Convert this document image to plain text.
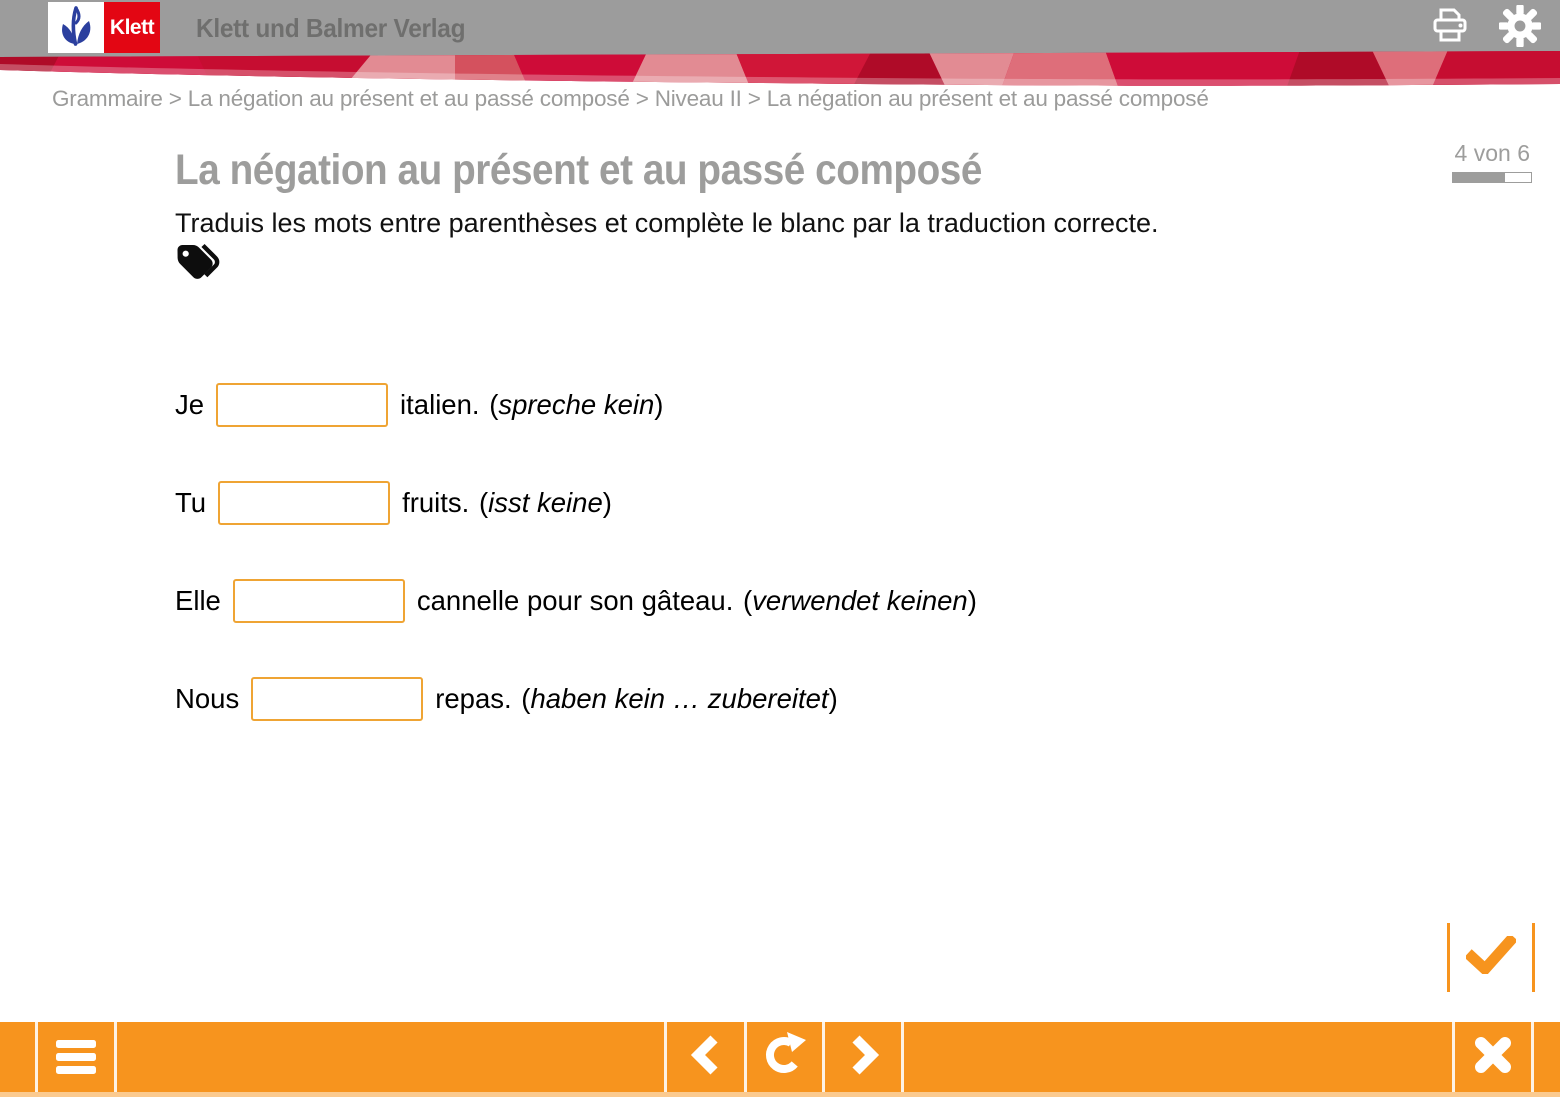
Klett Klett und Balmer Verlag
Grammaire > La négation au présent et au passé composé > Niveau II > La négation au présent et au passé composé
La négation au présent et au passé composé	4 von 6
Traduis les mots entre parenthèses et complète le blanc par la traduction correcte.
Je	italien. (spreche kein)
Tu	fruits. (isst keine)
Elle	cannelle pour son gâteau. (verwendet keinen)
Nous	repas. (haben kein … zubereitet)
